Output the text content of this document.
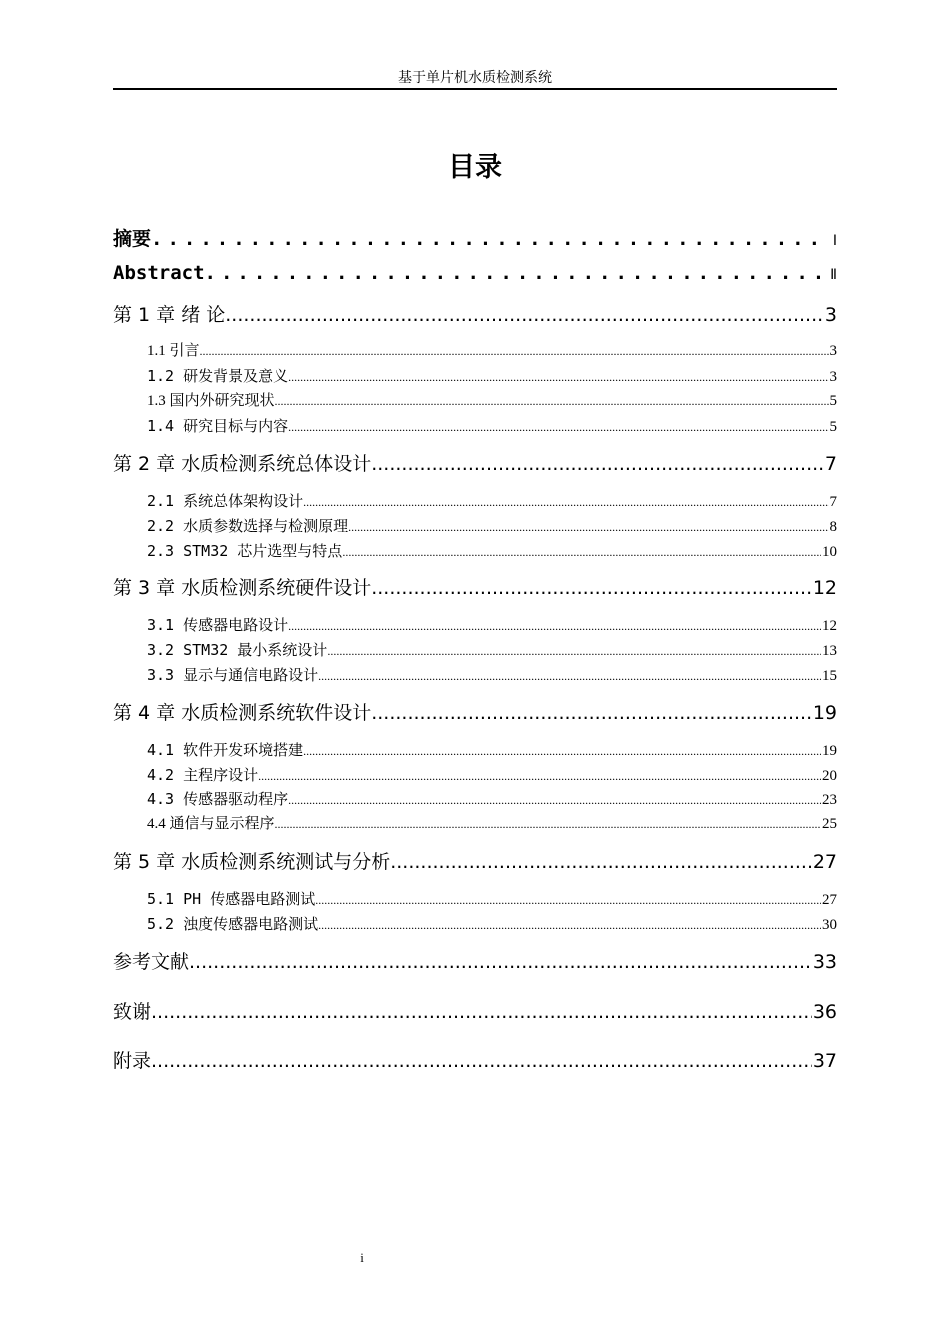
基于单片机水质检测系统
目录
摘要 .....	Ⅰ
Abstract .....	Ⅱ
第 1 章 绪 论 .....	3
1.1 引言 .....	3
1.2 研发背景及意义 .....	3
1.3 国内外研究现状 .....	5
1.4 研究目标与内容 .....	5
第 2 章 水质检测系统总体设计 .....	7
2.1 系统总体架构设计 .....	7
2.2 水质参数选择与检测原理 .....	8
2.3 STM32 芯片选型与特点 .....	10
第 3 章 水质检测系统硬件设计 .....	12
3.1 传感器电路设计 .....	12
3.2 STM32 最小系统设计 .....	13
3.3 显示与通信电路设计 .....	15
第 4 章 水质检测系统软件设计 .....	19
4.1 软件开发环境搭建 .....	19
4.2 主程序设计 .....	20
4.3 传感器驱动程序 .....	23
4.4 通信与显示程序 .....	25
第 5 章 水质检测系统测试与分析 .....	27
5.1 PH 传感器电路测试 .....	27
5.2 浊度传感器电路测试 .....	30
参考文献 .....	33
致谢 .....	36
附录 .....	37
i
